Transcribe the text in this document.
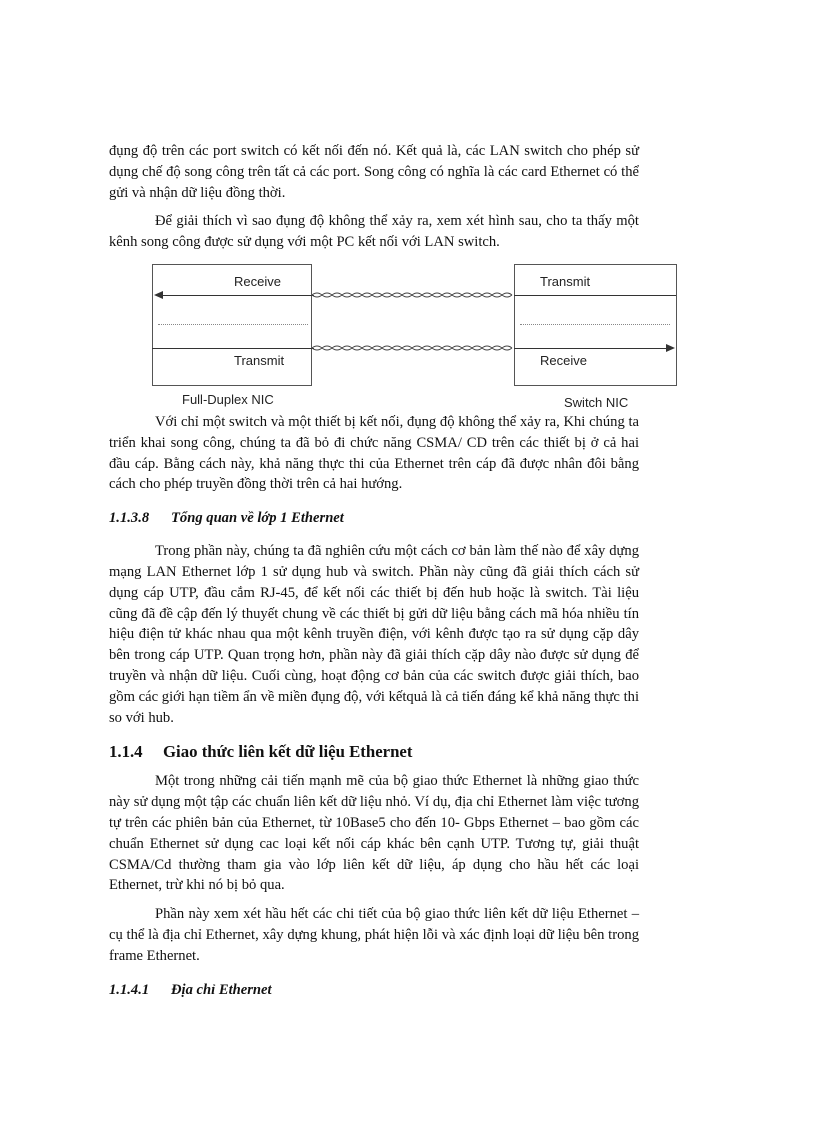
đụng độ trên các port switch có kết nối đến nó. Kết quả là, các LAN switch cho phép sử dụng chế độ song công trên tất cả các port. Song công có nghĩa là các card Ethernet có thể gửi và nhận dữ liệu đồng thời.

Để giải thích vì sao đụng độ không thể xảy ra, xem xét hình sau, cho ta thấy một kênh song công được sử dụng với một PC kết nối với LAN switch.

Receive
Transmit
Transmit
Receive
Full-Duplex NIC	Switch NIC

Với chỉ một switch và một thiết bị kết nối, đụng độ không thể xảy ra, Khi chúng ta triển khai song công, chúng ta đã bỏ đi chức năng CSMA/ CD trên các thiết bị ở cả hai đầu cáp. Bằng cách này, khả năng thực thi của Ethernet trên cáp đã được nhân đôi bằng cách cho phép truyền đồng thời trên cả hai hướng.

1.1.3.8 Tổng quan về lớp 1 Ethernet

Trong phần này, chúng ta đã nghiên cứu một cách cơ bản làm thế nào để xây dựng mạng LAN Ethernet lớp 1 sử dụng hub và switch. Phần này cũng đã giải thích cách sử dụng cáp UTP, đầu cắm RJ-45, để kết nối các thiết bị đến hub hoặc là switch. Tài liệu cũng đã đề cập đến lý thuyết chung về các thiết bị gửi dữ liệu bằng cách mã hóa nhiều tín hiệu điện tử khác nhau qua một kênh truyền điện, với kênh được tạo ra sử dụng cặp dây bên trong cáp UTP. Quan trọng hơn, phần này đã giải thích cặp dây nào được sử dụng để truyền và nhận dữ liệu. Cuối cùng, hoạt động cơ bản của các switch được giải thích, bao gồm các giới hạn tiềm ẩn về miền đụng độ, với kếtquả là cả tiến đáng kể khả năng thực thi so với hub.

1.1.4 Giao thức liên kết dữ liệu Ethernet

Một trong những cải tiến mạnh mẽ của bộ giao thức Ethernet là những giao thức này sử dụng một tập các chuẩn liên kết dữ liệu nhỏ. Ví dụ, địa chỉ Ethernet làm việc tương tự trên các phiên bản của Ethernet, từ 10Base5 cho đến 10- Gbps Ethernet – bao gồm các chuẩn Ethernet sử dụng cac loại kết nối cáp khác bên cạnh UTP. Tương tự, giải thuật CSMA/Cd thường tham gia vào lớp liên kết dữ liệu, áp dụng cho hầu hết các loại Ethernet, trừ khi nó bị bỏ qua.

Phần này xem xét hầu hết các chi tiết của bộ giao thức liên kết dữ liệu Ethernet – cụ thể là địa chỉ Ethernet, xây dựng khung, phát hiện lỗi và xác định loại dữ liệu bên trong frame Ethernet.

1.1.4.1 Địa chỉ Ethernet
